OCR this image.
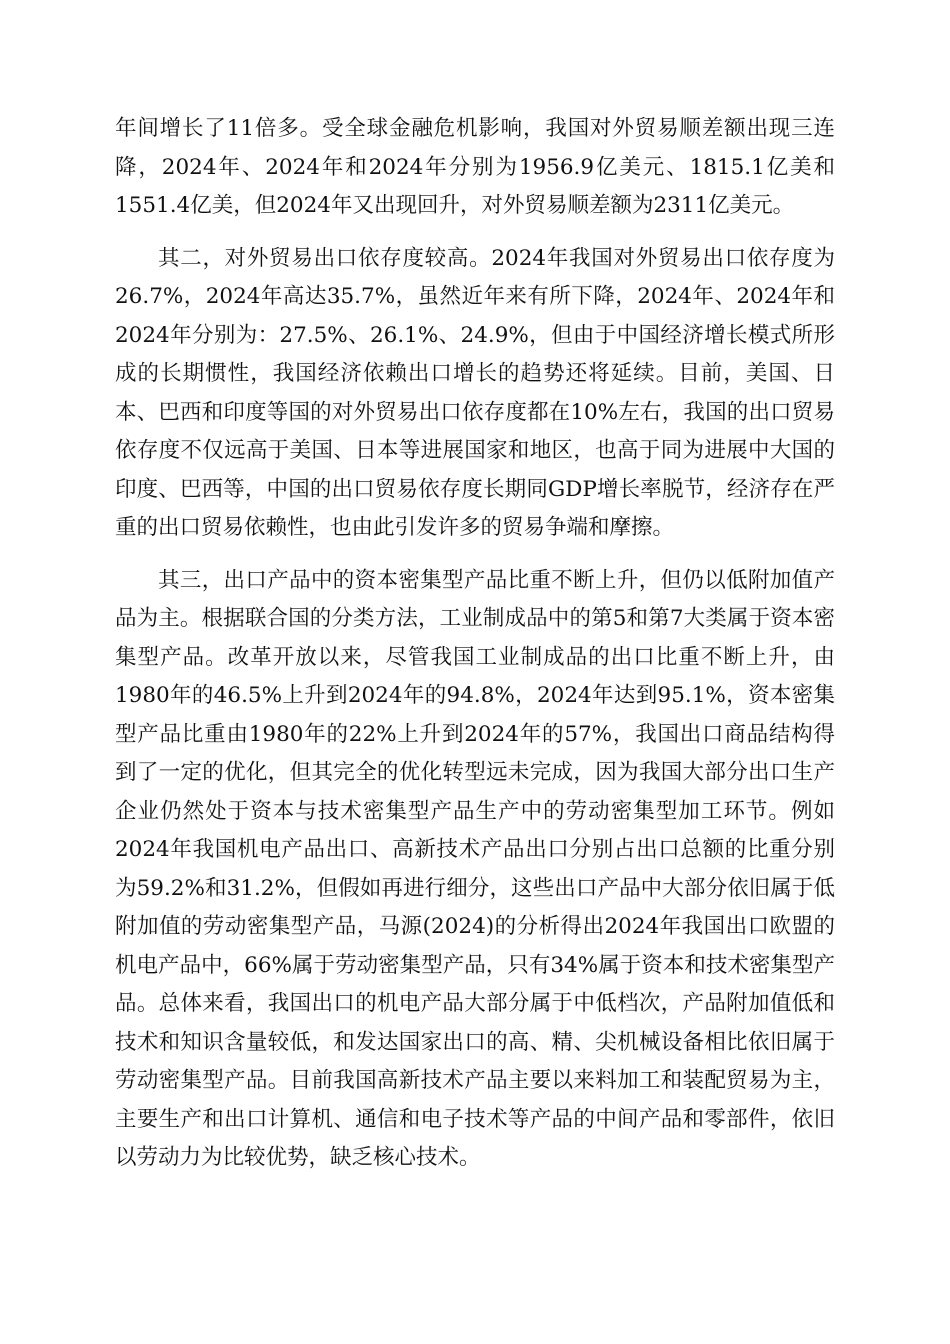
年间增长了11倍多。受全球金融危机影响，我国对外贸易顺差额出现三连降，2024年、2024年和2024年分别为1956.9亿美元、1815.1亿美和1551.4亿美，但2024年又出现回升，对外贸易顺差额为2311亿美元。

其二，对外贸易出口依存度较高。2024年我国对外贸易出口依存度为26.7%，2024年高达35.7%，虽然近年来有所下降，2024年、2024年和2024年分别为：27.5%、26.1%、24.9%，但由于中国经济增长模式所形成的长期惯性，我国经济依赖出口增长的趋势还将延续。目前，美国、日本、巴西和印度等国的对外贸易出口依存度都在10%左右，我国的出口贸易依存度不仅远高于美国、日本等进展国家和地区，也高于同为进展中大国的印度、巴西等，中国的出口贸易依存度长期同GDP增长率脱节，经济存在严重的出口贸易依赖性，也由此引发许多的贸易争端和摩擦。

其三，出口产品中的资本密集型产品比重不断上升，但仍以低附加值产品为主。根据联合国的分类方法，工业制成品中的第5和第7大类属于资本密集型产品。改革开放以来，尽管我国工业制成品的出口比重不断上升，由1980年的46.5%上升到2024年的94.8%，2024年达到95.1%，资本密集型产品比重由1980年的22%上升到2024年的57%，我国出口商品结构得到了一定的优化，但其完全的优化转型远未完成，因为我国大部分出口生产企业仍然处于资本与技术密集型产品生产中的劳动密集型加工环节。例如2024年我国机电产品出口、高新技术产品出口分别占出口总额的比重分别为59.2%和31.2%，但假如再进行细分，这些出口产品中大部分依旧属于低附加值的劳动密集型产品，马源(2024)的分析得出2024年我国出口欧盟的机电产品中，66%属于劳动密集型产品，只有34%属于资本和技术密集型产品。总体来看，我国出口的机电产品大部分属于中低档次，产品附加值低和技术和知识含量较低，和发达国家出口的高、精、尖机械设备相比依旧属于劳动密集型产品。目前我国高新技术产品主要以来料加工和装配贸易为主，主要生产和出口计算机、通信和电子技术等产品的中间产品和零部件，依旧以劳动力为比较优势，缺乏核心技术。
